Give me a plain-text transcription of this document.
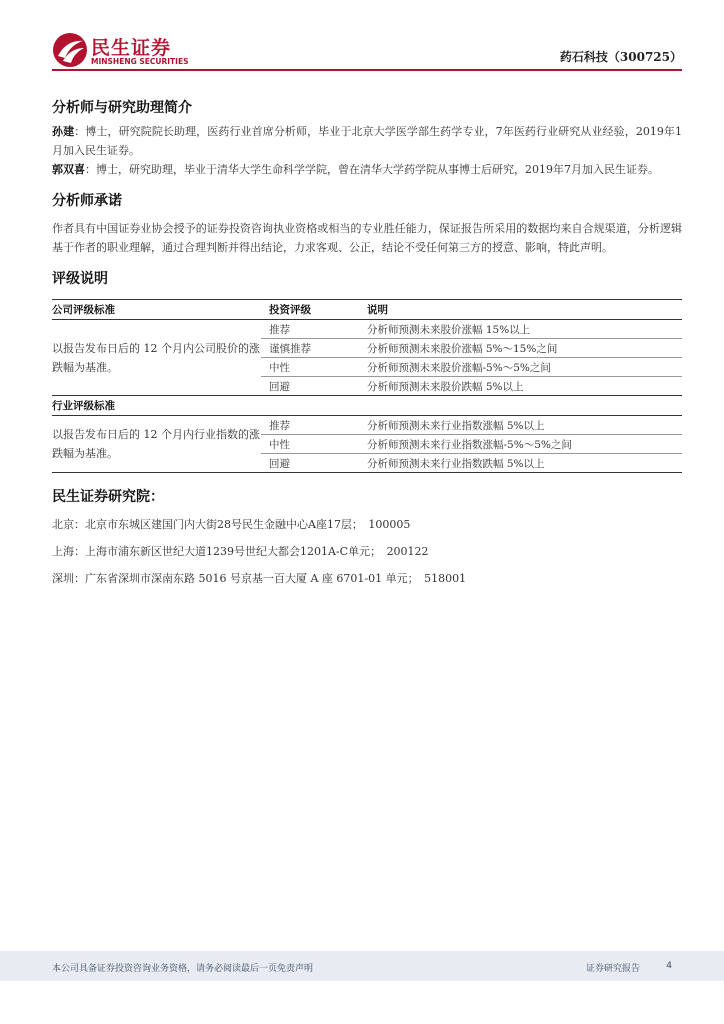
民生证券
MINSHENG SECURITIES	药石科技（300725）
分析师与研究助理简介

孙建：博士，研究院院长助理，医药行业首席分析师，毕业于北京大学医学部生药学专业，7年医药行业研究从业经验，2019年1月加入民生证券。

郭双喜：博士，研究助理，毕业于清华大学生命科学学院，曾在清华大学药学院从事博士后研究，2019年7月加入民生证券。

分析师承诺

作者具有中国证券业协会授予的证券投资咨询执业资格或相当的专业胜任能力，保证报告所采用的数据均来自合规渠道，分析逻辑基于作者的职业理解，通过合理判断并得出结论，力求客观、公正，结论不受任何第三方的授意、影响，特此声明。

评级说明
公司评级标准	投资评级	说明
以报告发布日后的 12 个月内公司股价的涨跌幅为基准。	推荐	分析师预测未来股价涨幅 15%以上
	谨慎推荐	分析师预测未来股价涨幅 5%～15%之间
	中性	分析师预测未来股价涨幅-5%～5%之间
	回避	分析师预测未来股价跌幅 5%以上
行业评级标准		
以报告发布日后的 12 个月内行业指数的涨跌幅为基准。	推荐	分析师预测未来行业指数涨幅 5%以上
	中性	分析师预测未来行业指数涨幅-5%～5%之间
	回避	分析师预测未来行业指数跌幅 5%以上

民生证券研究院：

北京：北京市东城区建国门内大街28号民生金融中心A座17层；　100005

上海：上海市浦东新区世纪大道1239号世纪大都会1201A-C单元；　200122

深圳：广东省深圳市深南东路 5016 号京基一百大厦 A 座 6701-01 单元；　518001

本公司具备证券投资咨询业务资格，请务必阅读最后一页免责声明	证券研究报告	4
